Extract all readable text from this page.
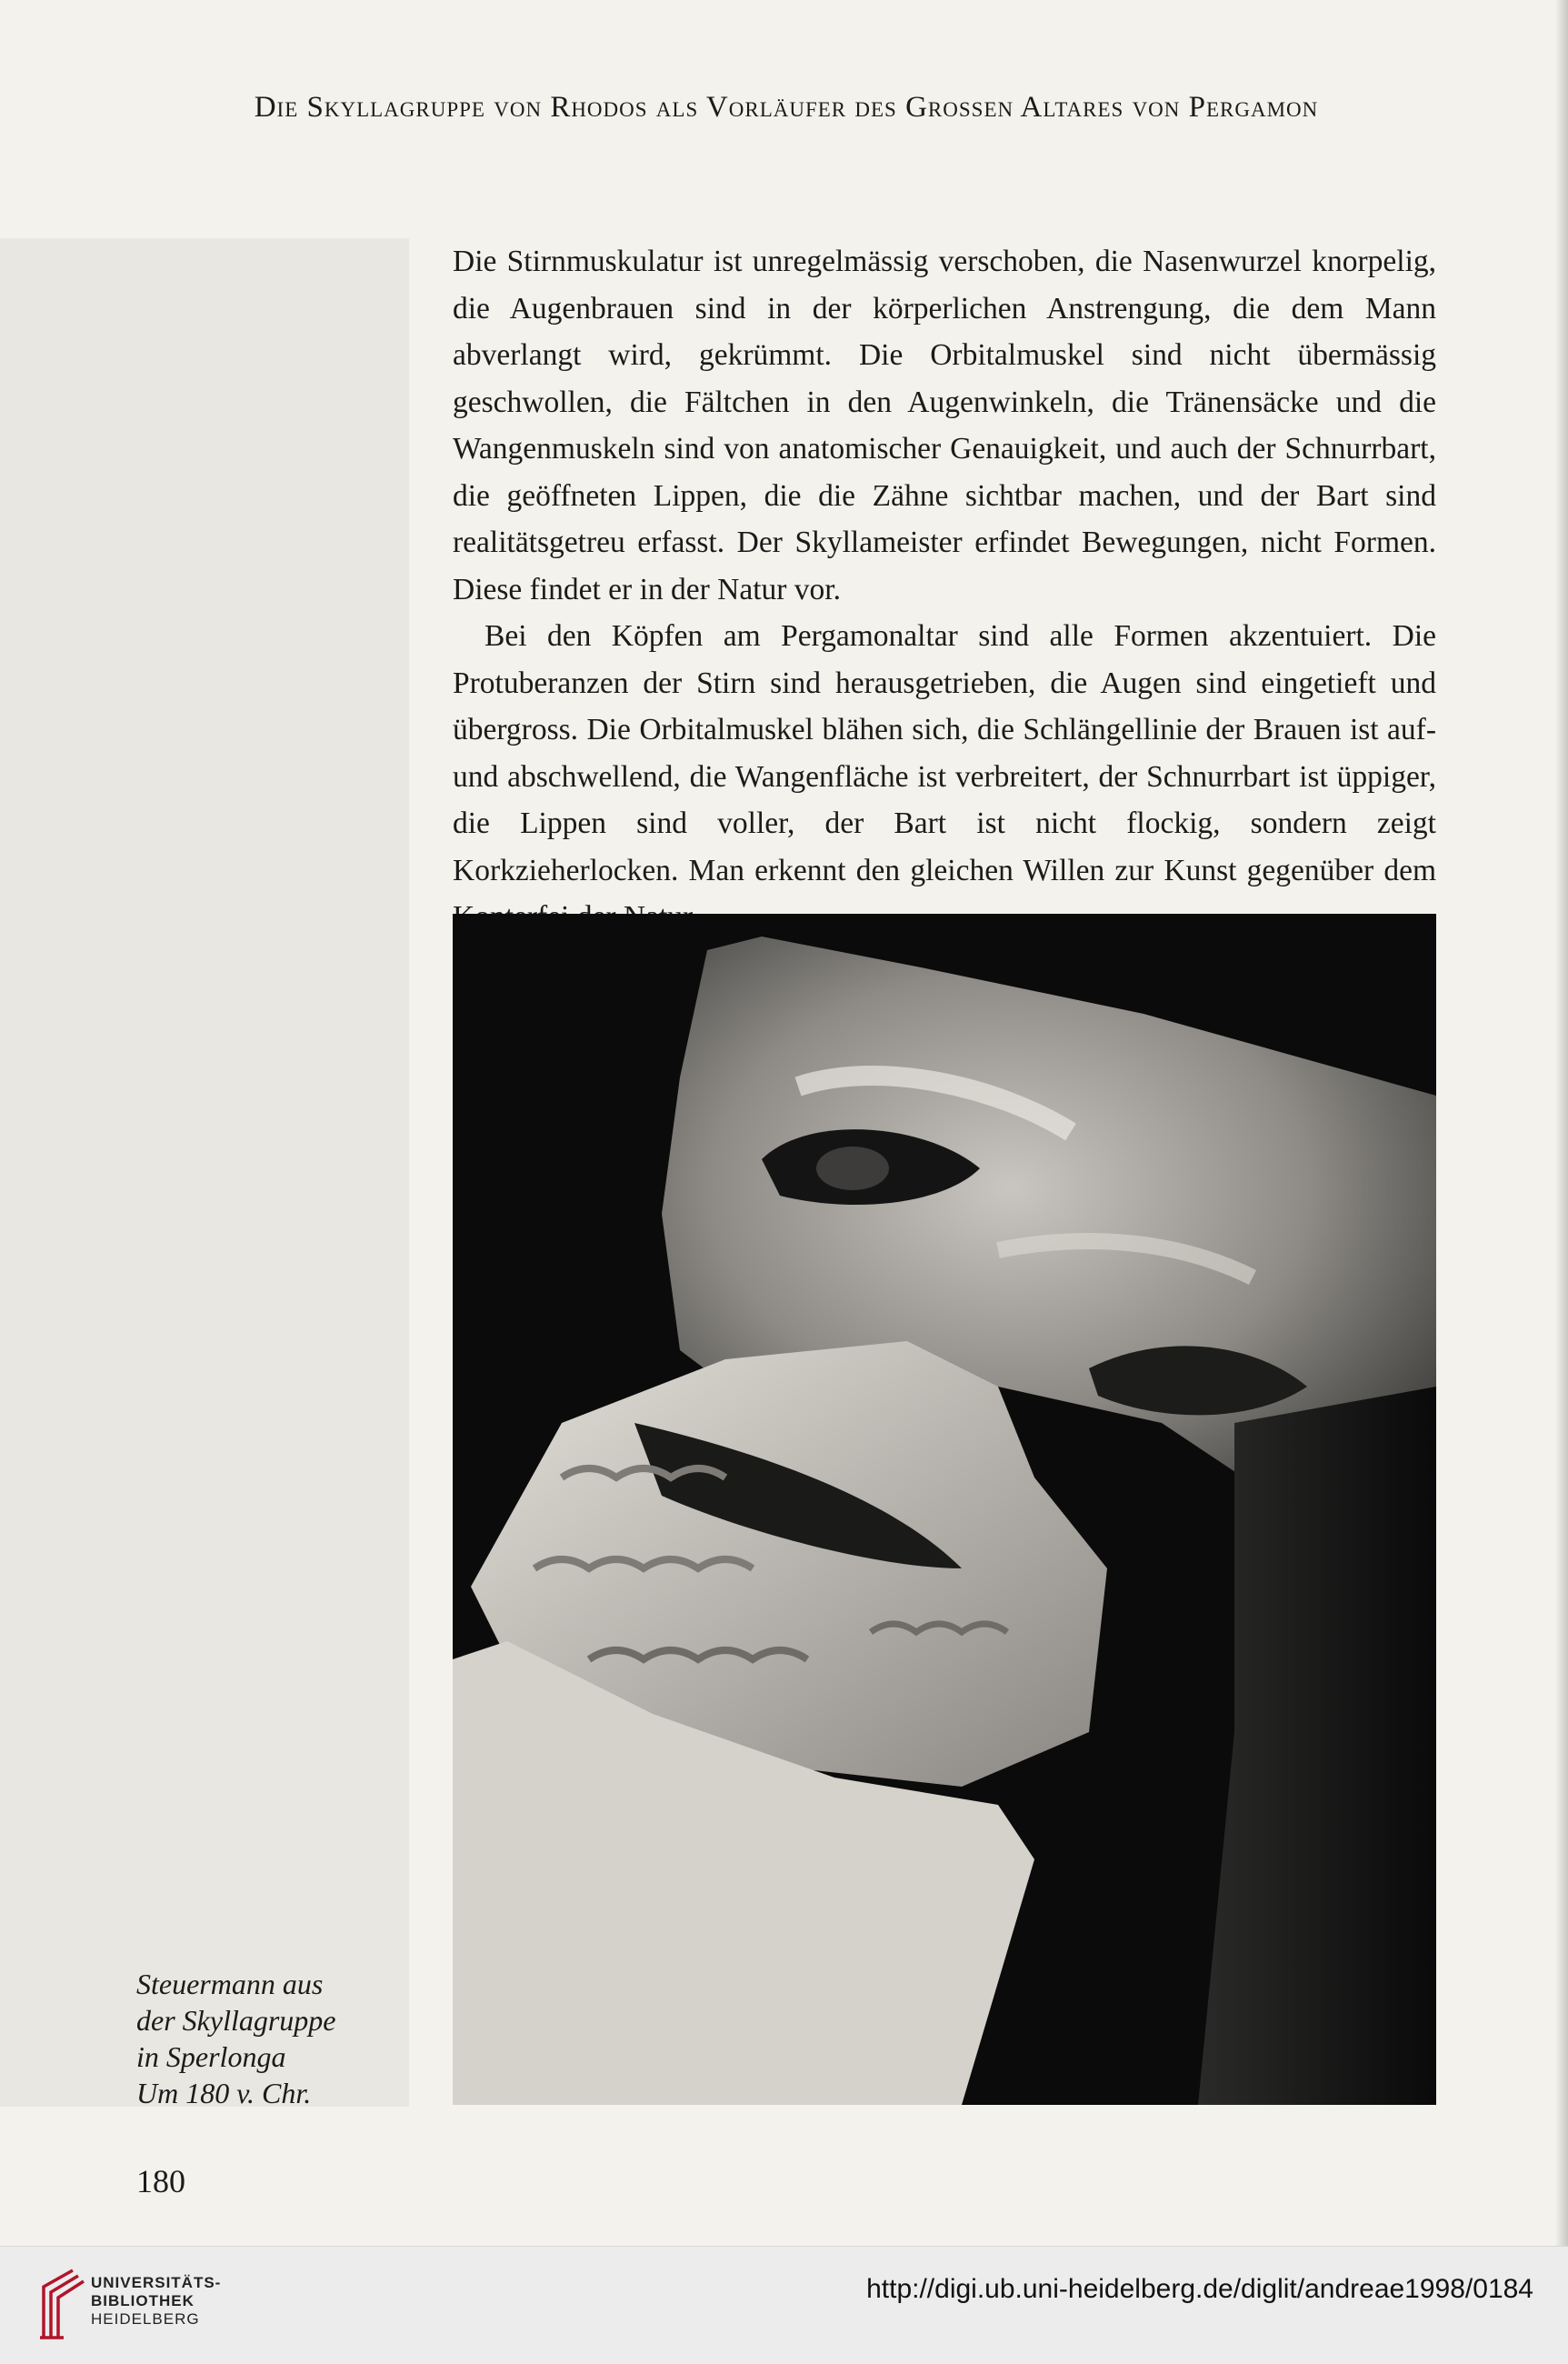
Die Skyllagruppe von Rhodos als Vorläufer des Grossen Altares von Pergamon

Die Stirnmuskulatur ist unregelmässig verschoben, die Nasenwurzel knorpelig, die Augenbrauen sind in der körperlichen Anstrengung, die dem Mann abverlangt wird, gekrümmt. Die Orbitalmuskel sind nicht übermässig geschwollen, die Fältchen in den Augenwinkeln, die Tränensäcke und die Wangenmuskeln sind von anatomischer Genauigkeit, und auch der Schnurrbart, die geöffneten Lippen, die die Zähne sichtbar machen, und der Bart sind realitätsgetreu erfasst. Der Skyllameister erfindet Bewegungen, nicht Formen. Diese findet er in der Natur vor.

Bei den Köpfen am Pergamonaltar sind alle Formen akzentuiert. Die Protuberanzen der Stirn sind herausgetrieben, die Augen sind eingetieft und übergross. Die Orbitalmuskel blähen sich, die Schlängellinie der Brauen ist auf- und abschwellend, die Wangenfläche ist verbreitert, der Schnurrbart ist üppiger, die Lippen sind voller, der Bart ist nicht flockig, sondern zeigt Korkzieherlocken. Man erkennt den gleichen Willen zur Kunst gegenüber dem

Steuermann aus
der Skyllagruppe
in Sperlonga
Um 180 v. Chr.
180
UNIVERSITÄTS-
BIBLIOTHEK
HEIDELBERG
http://digi.ub.uni-heidelberg.de/diglit/andreae1998/0184
